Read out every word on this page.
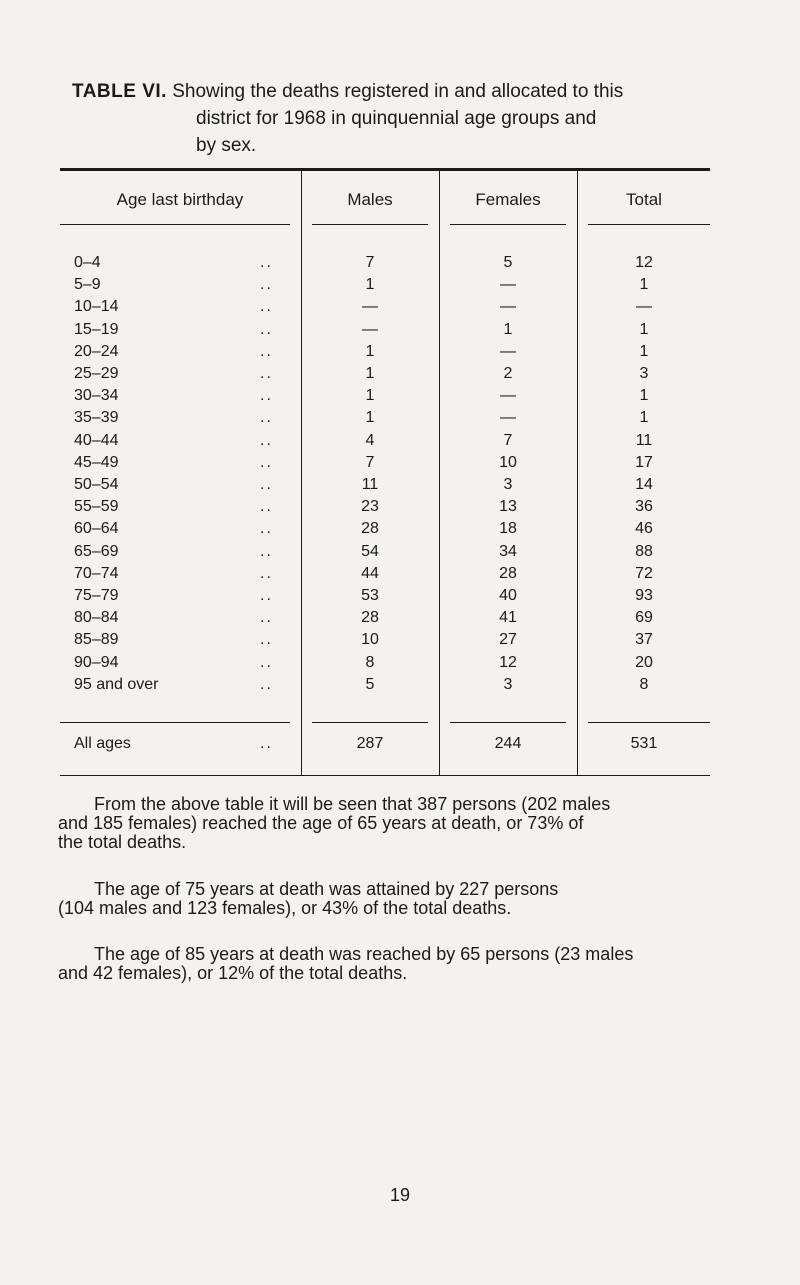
TABLE VI. Showing the deaths registered in and allocated to this
district for 1968 in quinquennial age groups and
by sex.
Age last birthday	Males	Females	Total
0–4	..	7	5	12
5–9	..	1	—	1
10–14	..	—	—	—
15–19	..	—	1	1
20–24	..	1	—	1
25–29	..	1	2	3
30–34	..	1	—	1
35–39	..	1	—	1
40–44	..	4	7	11
45–49	..	7	10	17
50–54	..	11	3	14
55–59	..	23	13	36
60–64	..	28	18	46
65–69	..	54	34	88
70–74	..	44	28	72
75–79	..	53	40	93
80–84	..	28	41	69
85–89	..	10	27	37
90–94	..	8	12	20
95 and over	..	5	3	8
All ages	..	287	244	531
From the above table it will be seen that 387 persons (202 males
and 185 females) reached the age of 65 years at death, or 73% of
the total deaths.
The age of 75 years at death was attained by 227 persons
(104 males and 123 females), or 43% of the total deaths.
The age of 85 years at death was reached by 65 persons (23 males
and 42 females), or 12% of the total deaths.
19
